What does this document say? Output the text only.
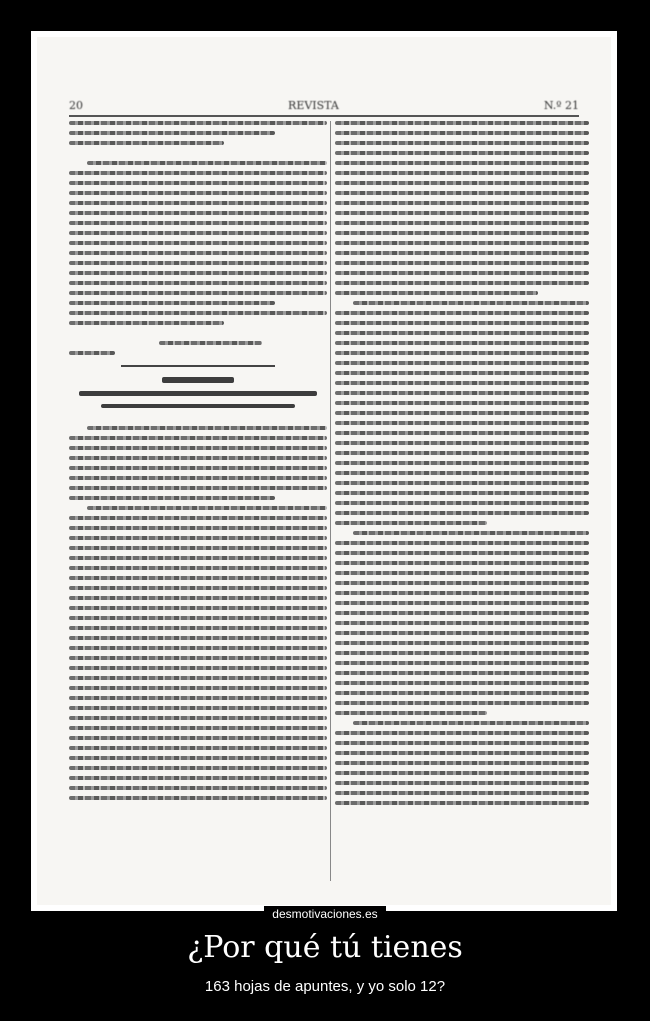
20	REVISTA	N.º 21
desmotivaciones.es
¿Por qué tú tienes
163 hojas de apuntes, y yo solo 12?
